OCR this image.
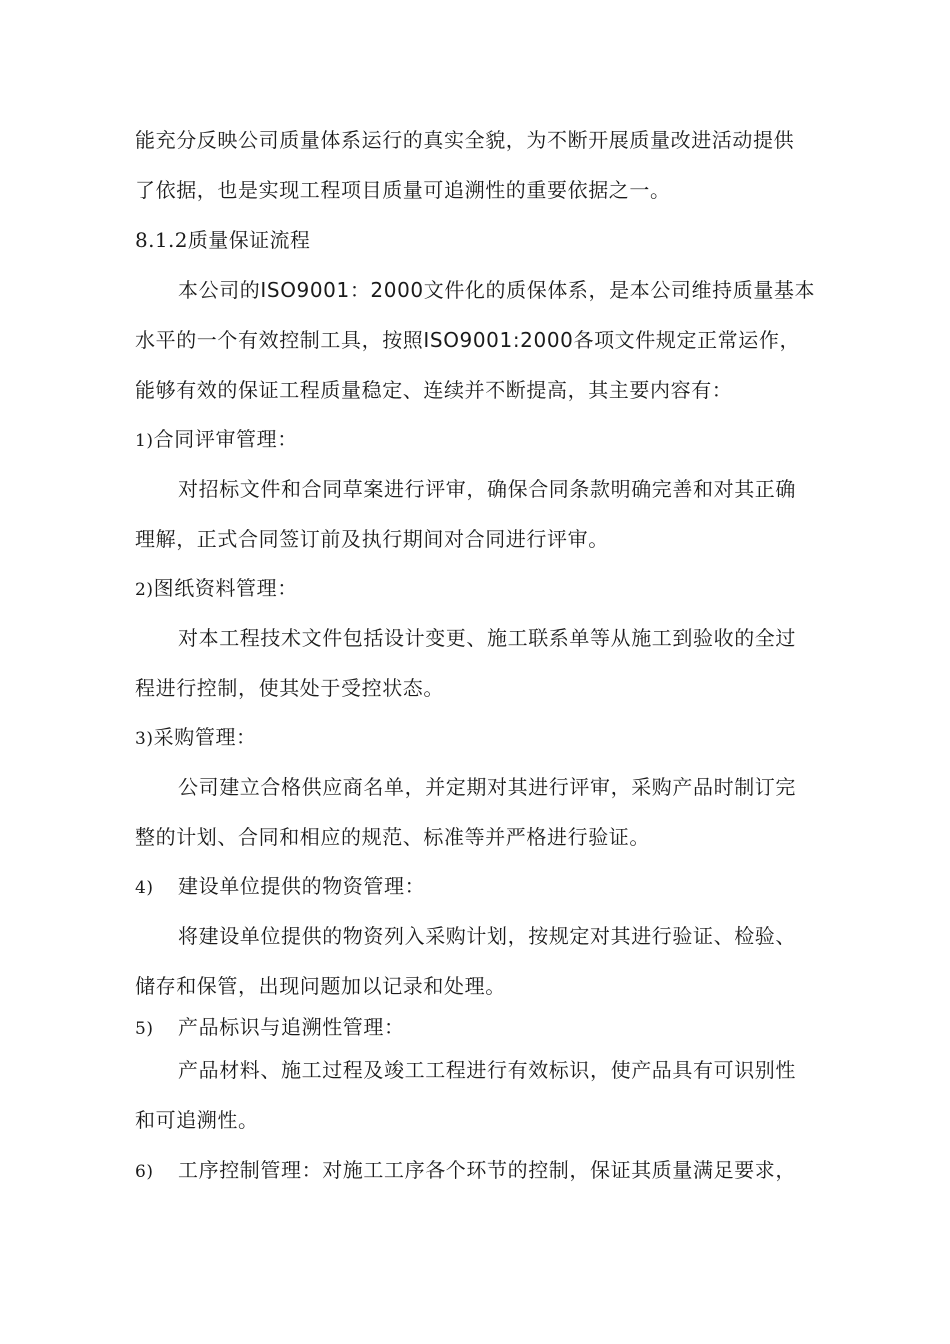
能充分反映公司质量体系运行的真实全貌，为不断开展质量改进活动提供
了依据，也是实现工程项目质量可追溯性的重要依据之一。
8.1.2质量保证流程
本公司的ISO9001：2000文件化的质保体系，是本公司维持质量基本
水平的一个有效控制工具，按照ISO9001:2000各项文件规定正常运作，
能够有效的保证工程质量稳定、连续并不断提高，其主要内容有：
1)合同评审管理：
对招标文件和合同草案进行评审，确保合同条款明确完善和对其正确
理解，正式合同签订前及执行期间对合同进行评审。
2)图纸资料管理：
对本工程技术文件包括设计变更、施工联系单等从施工到验收的全过
程进行控制，使其处于受控状态。
3)采购管理：
公司建立合格供应商名单，并定期对其进行评审，采购产品时制订完
整的计划、合同和相应的规范、标准等并严格进行验证。
4) 建设单位提供的物资管理：
将建设单位提供的物资列入采购计划，按规定对其进行验证、检验、
储存和保管，出现问题加以记录和处理。
5) 产品标识与追溯性管理：
产品材料、施工过程及竣工工程进行有效标识，使产品具有可识别性
和可追溯性。
6) 工序控制管理：对施工工序各个环节的控制，保证其质量满足要求，
